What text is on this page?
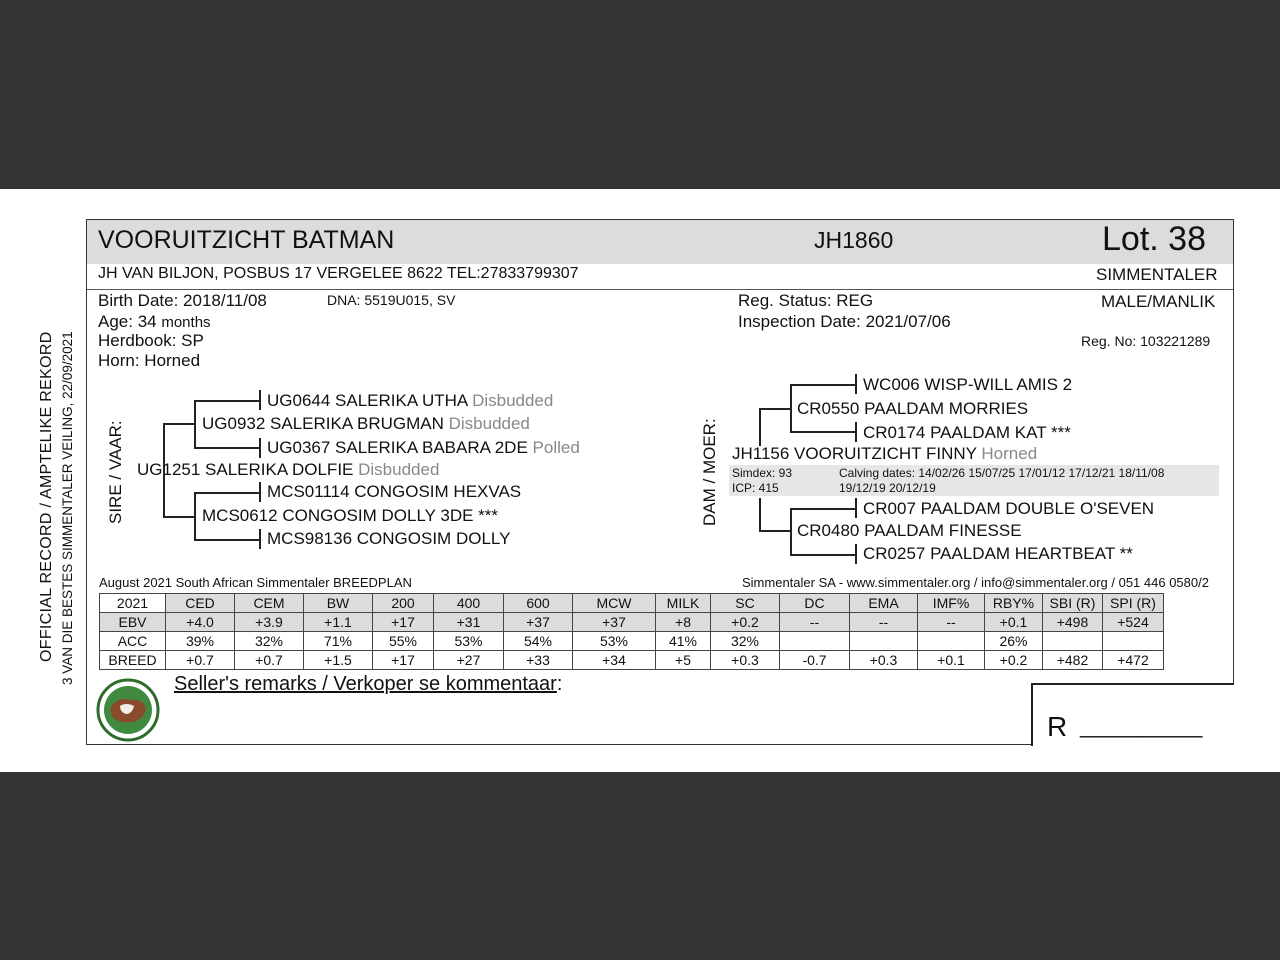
OFFICIAL RECORD / AMPTELIKE REKORD 3 VAN DIE BESTES SIMMENTALER VEILING, 22/09/2021
VOORUITZICHT BATMAN	JH1860	Lot. 38
JH VAN BILJON, POSBUS 17 VERGELEE 8622 TEL:27833799307	SIMMENTALER
Birth Date: 2018/11/08	DNA: 5519U015, SV
Age: 34 months
Herdbook: SP
Horn: Horned
Reg. Status: REG
Inspection Date: 2021/07/06
MALE/MANLIK
Reg. No: 103221289
SIRE / VAAR:
UG0644 SALERIKA UTHA Disbudded
UG0932 SALERIKA BRUGMAN Disbudded
UG0367 SALERIKA BABARA 2DE Polled
UG1251 SALERIKA DOLFIE Disbudded
MCS01114 CONGOSIM HEXVAS
MCS0612 CONGOSIM DOLLY 3DE ***
MCS98136 CONGOSIM DOLLY
DAM / MOER:
WC006 WISP-WILL AMIS 2
CR0550 PAALDAM MORRIES
CR0174 PAALDAM KAT ***
JH1156 VOORUITZICHT FINNY Horned
Simdex: 93
ICP: 415
Calving dates: 14/02/26 15/07/25 17/01/12 17/12/21 18/11/08
19/12/19 20/12/19
CR007 PAALDAM DOUBLE O'SEVEN
CR0480 PAALDAM FINESSE
CR0257 PAALDAM HEARTBEAT **
August 2021 South African Simmentaler BREEDPLAN	Simmentaler SA - www.simmentaler.org / info@simmentaler.org / 051 446 0580/2
2021	CED	CEM	BW	200	400	600	MCW	MILK	SC	DC	EMA	IMF%	RBY%	SBI (R)	SPI (R)
EBV	+4.0	+3.9	+1.1	+17	+31	+37	+37	+8	+0.2	--	--	--	+0.1	+498	+524
ACC	39%	32%	71%	55%	53%	54%	53%	41%	32%				26%		
BREED	+0.7	+0.7	+1.5	+17	+27	+33	+34	+5	+0.3	-0.7	+0.3	+0.1	+0.2	+482	+472
Seller's remarks / Verkoper se kommentaar:
R __________
